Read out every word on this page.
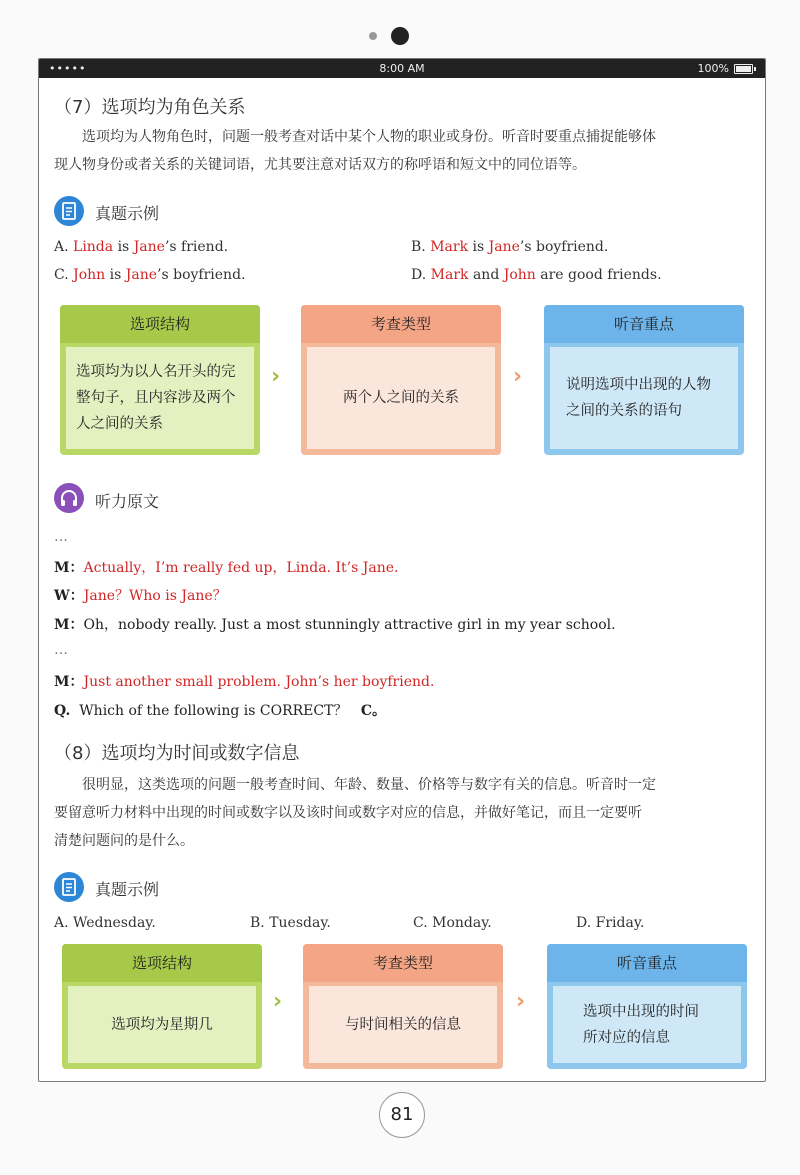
•••••	8:00 AM	100%
（7）选项均为角色关系
选项均为人物角色时，问题一般考查对话中某个人物的职业或身份。听音时要重点捕捉能够体
现人物身份或者关系的关键词语，尤其要注意对话双方的称呼语和短文中的同位语等。
真题示例
A. Linda is Jane’s friend.	B. Mark is Jane’s boyfriend.
C. John is Jane’s boyfriend.	D. Mark and John are good friends.
选项结构
选项均为以人名开头的完整句子，且内容涉及两个人之间的关系
›
考查类型
两个人之间的关系
›
听音重点
说明选项中出现的人物之间的关系的语句
听力原文
…
M：Actually，I’m really fed up，Linda. It’s Jane.
W：Jane？Who is Jane？
M：Oh，nobody really. Just a most stunningly attractive girl in my year school.
…
M：Just another small problem. John’s her boyfriend.
Q. Which of the following is CORRECT？ C。
（8）选项均为时间或数字信息
很明显，这类选项的问题一般考查时间、年龄、数量、价格等与数字有关的信息。听音时一定
要留意听力材料中出现的时间或数字以及该时间或数字对应的信息，并做好笔记，而且一定要听
清楚问题问的是什么。
真题示例
A. Wednesday.	B. Tuesday.	C. Monday.	D. Friday.
选项结构
选项均为星期几
›
考查类型
与时间相关的信息
›
听音重点
选项中出现的时间所对应的信息
81
